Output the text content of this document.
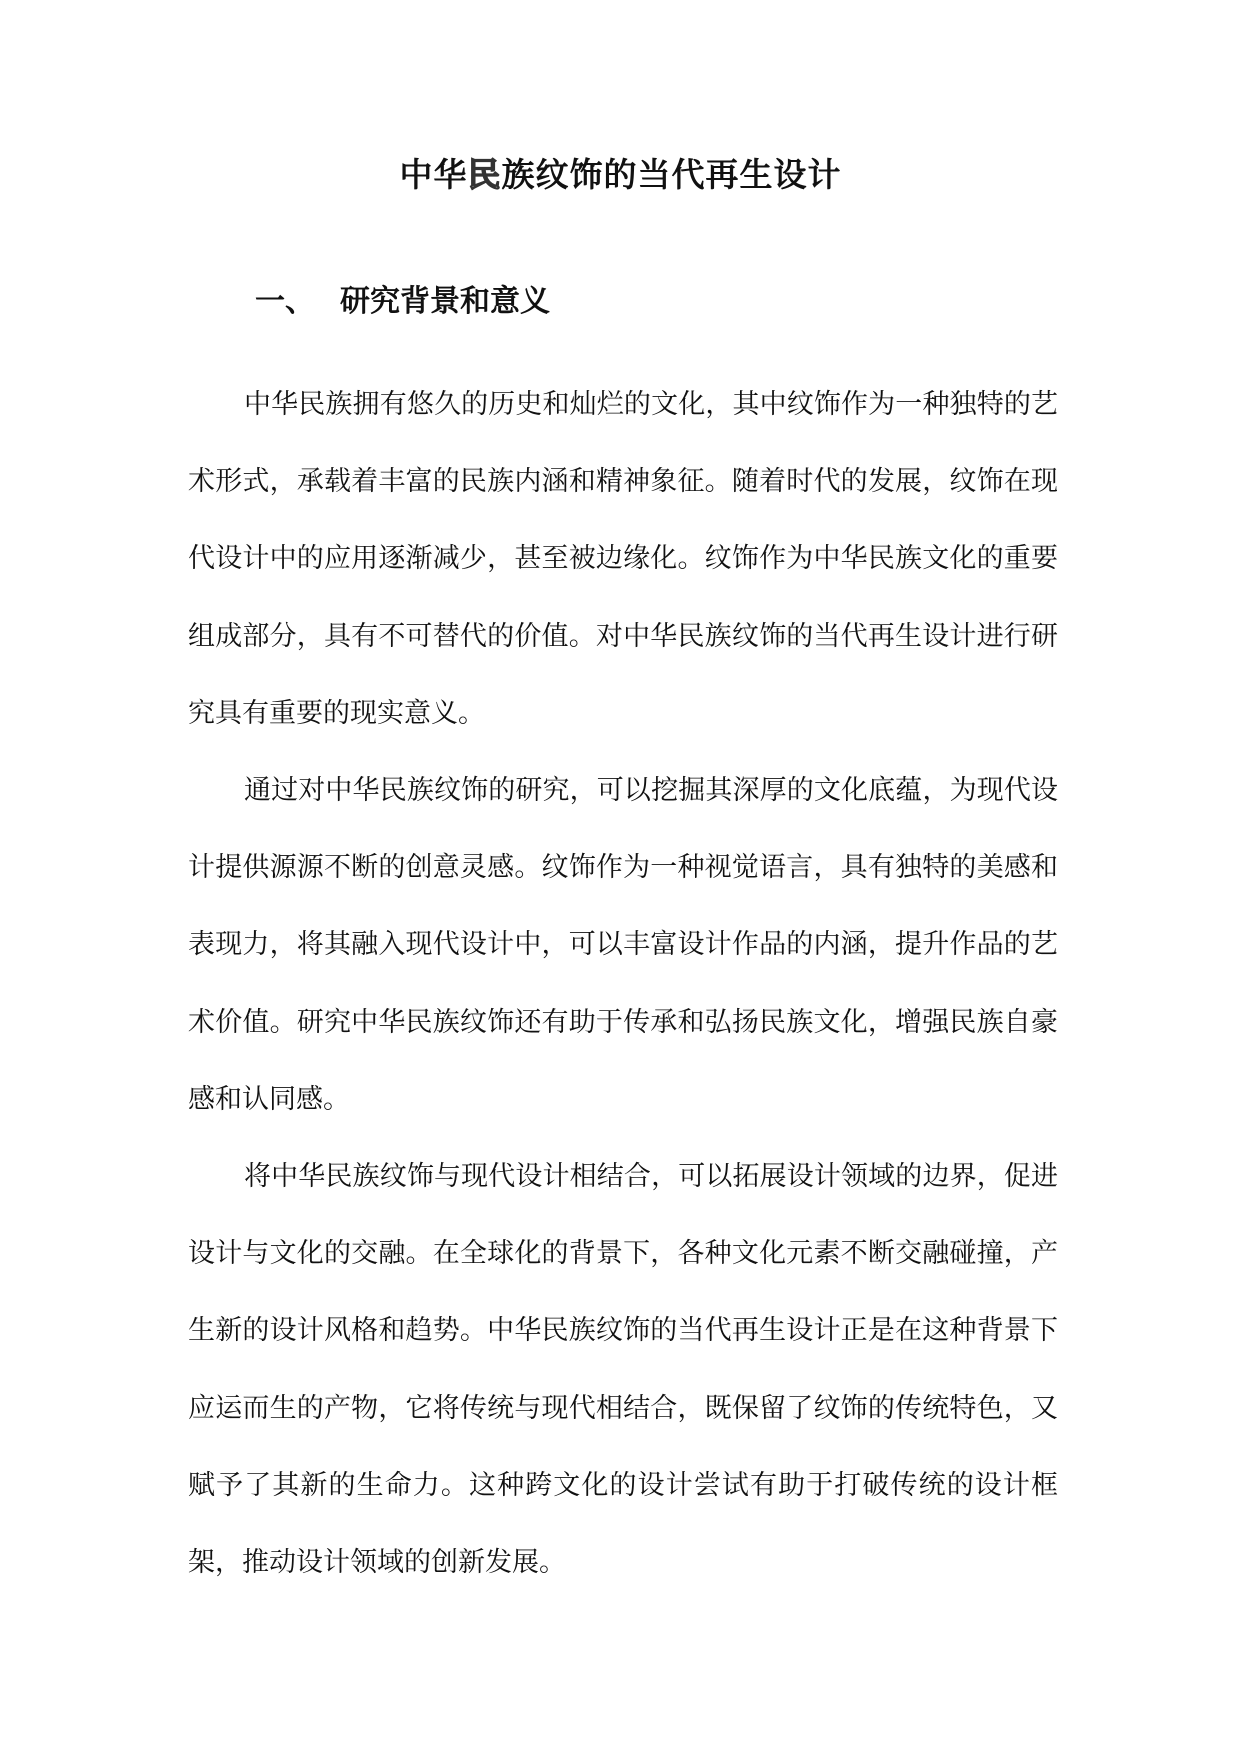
中华民族纹饰的当代再生设计
一、 研究背景和意义

中华民族拥有悠久的历史和灿烂的文化，其中纹饰作为一种独特的艺术形式，承载着丰富的民族内涵和精神象征。随着时代的发展，纹饰在现代设计中的应用逐渐减少，甚至被边缘化。纹饰作为中华民族文化的重要组成部分，具有不可替代的价值。对中华民族纹饰的当代再生设计进行研究具有重要的现实意义。

通过对中华民族纹饰的研究，可以挖掘其深厚的文化底蕴，为现代设计提供源源不断的创意灵感。纹饰作为一种视觉语言，具有独特的美感和表现力，将其融入现代设计中，可以丰富设计作品的内涵，提升作品的艺术价值。研究中华民族纹饰还有助于传承和弘扬民族文化，增强民族自豪感和认同感。

将中华民族纹饰与现代设计相结合，可以拓展设计领域的边界，促进设计与文化的交融。在全球化的背景下，各种文化元素不断交融碰撞，产生新的设计风格和趋势。中华民族纹饰的当代再生设计正是在这种背景下应运而生的产物，它将传统与现代相结合，既保留了纹饰的传统特色，又赋予了其新的生命力。这种跨文化的设计尝试有助于打破传统的设计框架，推动设计领域的创新发展。
